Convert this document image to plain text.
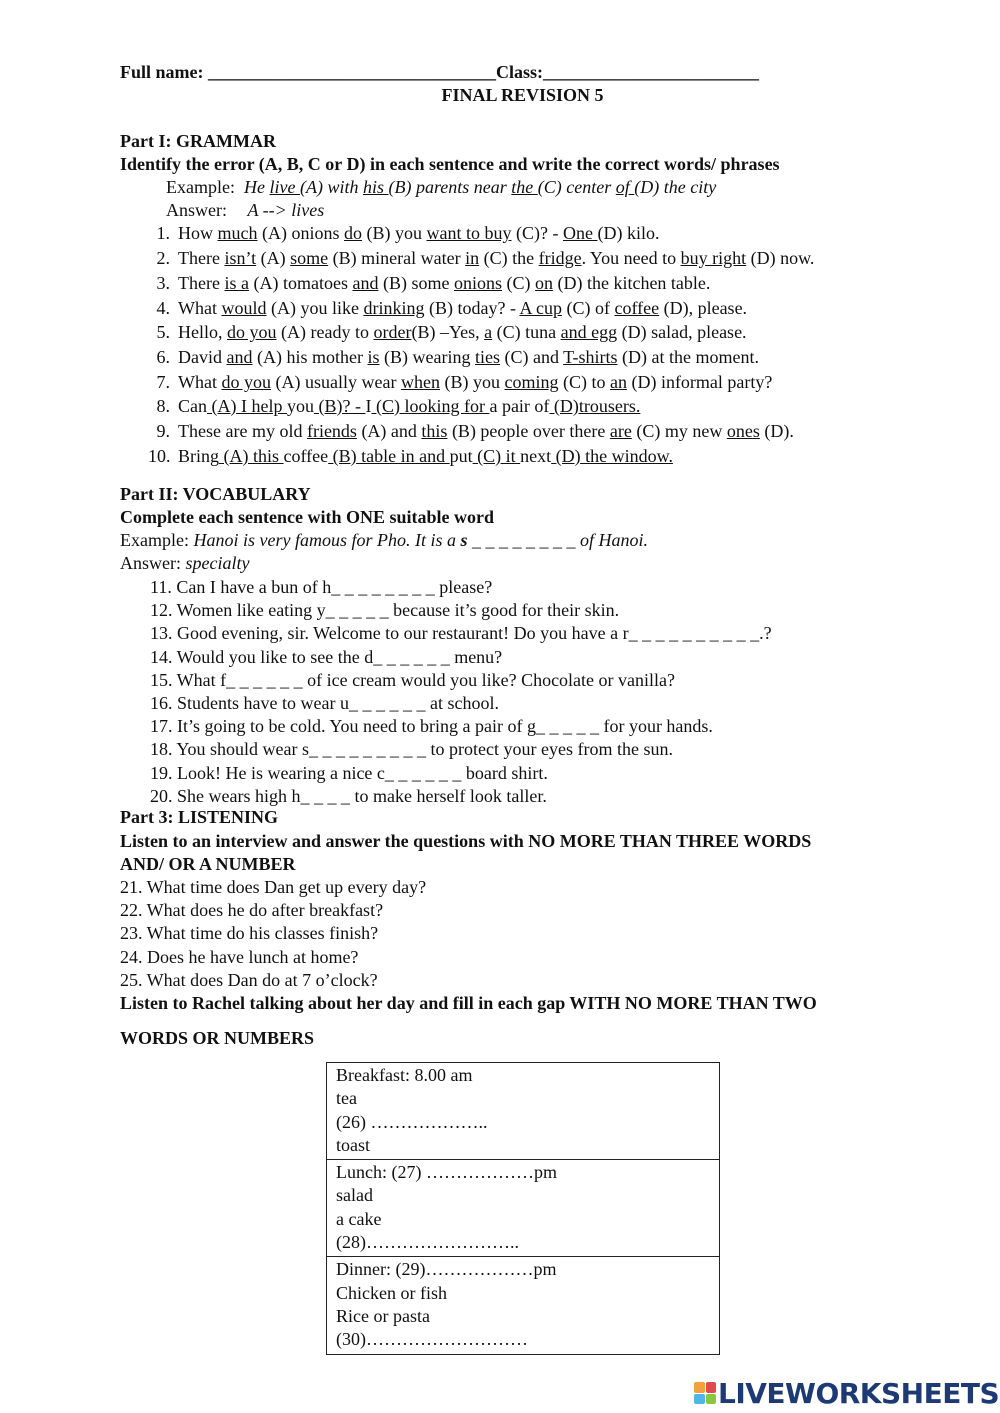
Full name: ________________________________Class:________________________
FINAL REVISION 5
Part I: GRAMMAR
Identify the error (A, B, C or D) in each sentence and write the correct words/ phrases
Example: He live (A) with his (B) parents near the (C) center of (D) the city
Answer: A --> lives
1. How much (A) onions do (B) you want to buy (C)? - One (D) kilo.
2. There isn’t (A) some (B) mineral water in (C) the fridge. You need to buy right (D) now.
3. There is a (A) tomatoes and (B) some onions (C) on (D) the kitchen table.
4. What would (A) you like drinking (B) today? - A cup (C) of coffee (D), please.
5. Hello, do you (A) ready to order(B) –Yes, a (C) tuna and egg (D) salad, please.
6. David and (A) his mother is (B) wearing ties (C) and T-shirts (D) at the moment.
7. What do you (A) usually wear when (B) you coming (C) to an (D) informal party?
8. Can (A) I help you (B)? - I (C) looking for a pair of (D)trousers.
9. These are my old friends (A) and this (B) people over there are (C) my new ones (D).
10. Bring (A) this coffee (B) table in and put (C) it next (D) the window.
Part II: VOCABULARY
Complete each sentence with ONE suitable word
Example: Hanoi is very famous for Pho. It is a s _ _ _ _ _ _ _ _ of Hanoi.
Answer: specialty
11. Can I have a bun of h_ _ _ _ _ _ _ _ please?
12. Women like eating y_ _ _ _ _ because it’s good for their skin.
13. Good evening, sir. Welcome to our restaurant! Do you have a r_ _ _ _ _ _ _ _ _ _.?
14. Would you like to see the d_ _ _ _ _ _ menu?
15. What f_ _ _ _ _ _ of ice cream would you like? Chocolate or vanilla?
16. Students have to wear u_ _ _ _ _ _ at school.
17. It’s going to be cold. You need to bring a pair of g_ _ _ _ _ for your hands.
18. You should wear s_ _ _ _ _ _ _ _ _ to protect your eyes from the sun.
19. Look! He is wearing a nice c_ _ _ _ _ _ board shirt.
20. She wears high h_ _ _ _ to make herself look taller.
Part 3: LISTENING
Listen to an interview and answer the questions with NO MORE THAN THREE WORDS
AND/ OR A NUMBER
21. What time does Dan get up every day?
22. What does he do after breakfast?
23. What time do his classes finish?
24. Does he have lunch at home?
25. What does Dan do at 7 o’clock?
Listen to Rachel talking about her day and fill in each gap WITH NO MORE THAN TWO
WORDS OR NUMBERS
Breakfast: 8.00 am
tea
(26) ………………..
toast

Lunch: (27) ………………pm
salad
a cake
(28)……………………..

Dinner: (29)………………pm
Chicken or fish
Rice or pasta
(30)………………………
LIVEWORKSHEETS
